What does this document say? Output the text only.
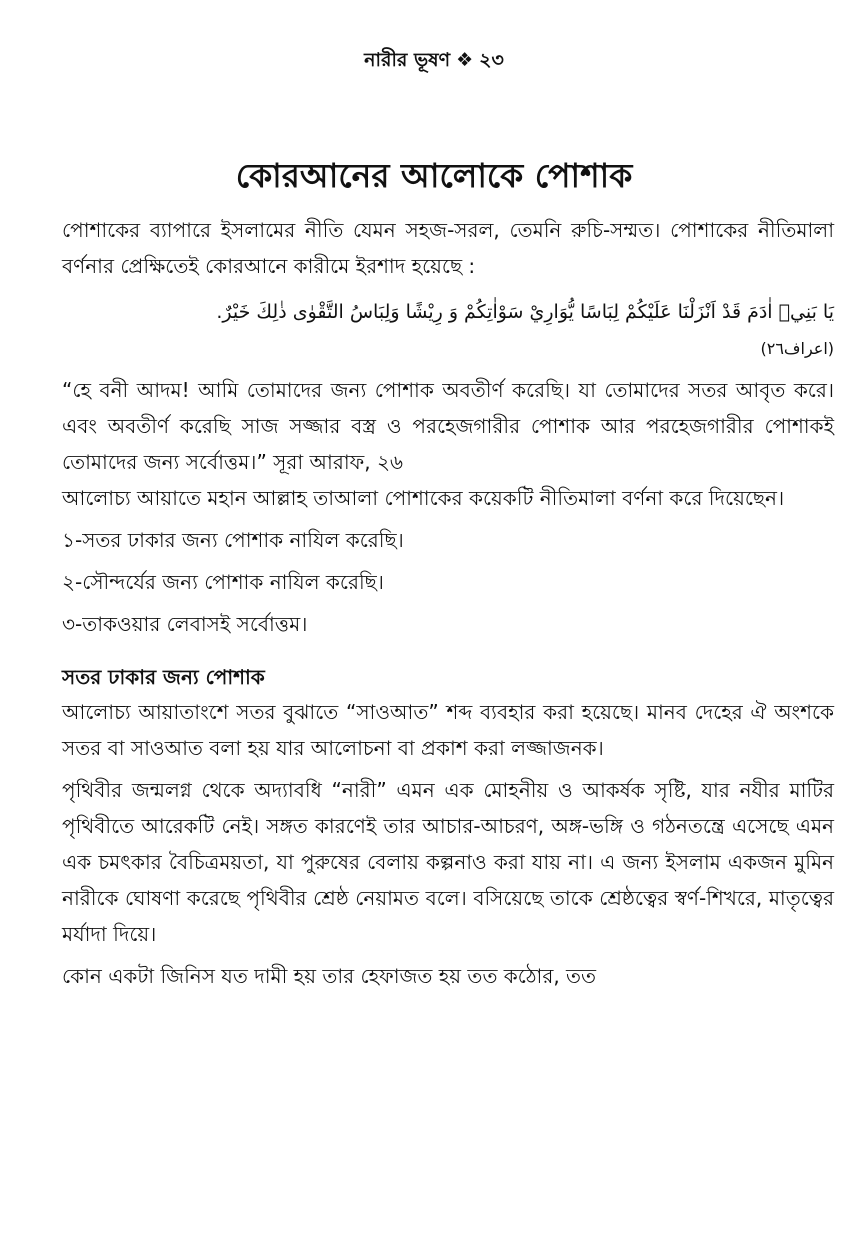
নারীর ভূষণ ❖ ২৩
কোরআনের আলোকে পোশাক

পোশাকের ব্যাপারে ইসলামের নীতি যেমন সহজ-সরল, তেমনি রুচি-সম্মত। পোশাকের নীতিমালা বর্ণনার প্রেক্ষিতেই কোরআনে কারীমে ইরশাদ হয়েছে :

يَا بَنِيۤ اٰدَمَ قَدْ اَنْزَلْنَا عَلَيْكُمْ لِبَاسًا يُّوَارِيْ سَوْاٰتِكُمْ وَ رِيْشًا وَلِبَاسُ التَّقْوٰى ذٰلِكَ خَيْرٌ.
(اعراف٢٦)

“হে বনী আদম! আমি তোমাদের জন্য পোশাক অবতীর্ণ করেছি। যা তোমাদের সতর আবৃত করে। এবং অবতীর্ণ করেছি সাজ সজ্জার বস্ত্র ও পরহেজগারীর পোশাক আর পরহেজগারীর পোশাকই তোমাদের জন্য সর্বোত্তম।” সূরা আরাফ, ২৬

আলোচ্য আয়াতে মহান আল্লাহ তাআলা পোশাকের কয়েকটি নীতিমালা বর্ণনা করে দিয়েছেন।

১-সতর ঢাকার জন্য পোশাক নাযিল করেছি।

২-সৌন্দর্যের জন্য পোশাক নাযিল করেছি।

৩-তাকওয়ার লেবাসই সর্বোত্তম।

সতর ঢাকার জন্য পোশাক

আলোচ্য আয়াতাংশে সতর বুঝাতে “সাওআত” শব্দ ব্যবহার করা হয়েছে। মানব দেহের ঐ অংশকে সতর বা সাওআত বলা হয় যার আলোচনা বা প্রকাশ করা লজ্জাজনক।

পৃথিবীর জন্মলগ্ন থেকে অদ্যাবধি “নারী” এমন এক মোহনীয় ও আকর্ষক সৃষ্টি, যার নযীর মাটির পৃথিবীতে আরেকটি নেই। সঙ্গত কারণেই তার আচার-আচরণ, অঙ্গ-ভঙ্গি ও গঠনতন্ত্রে এসেছে এমন এক চমৎকার বৈচিত্রময়তা, যা পুরুষের বেলায় কল্পনাও করা যায় না। এ জন্য ইসলাম একজন মুমিন নারীকে ঘোষণা করেছে পৃথিবীর শ্রেষ্ঠ নেয়ামত বলে। বসিয়েছে তাকে শ্রেষ্ঠত্বের স্বর্ণ-শিখরে, মাতৃত্বের মর্যাদা দিয়ে।

কোন একটা জিনিস যত দামী হয় তার হেফাজত হয় তত কঠোর, তত
